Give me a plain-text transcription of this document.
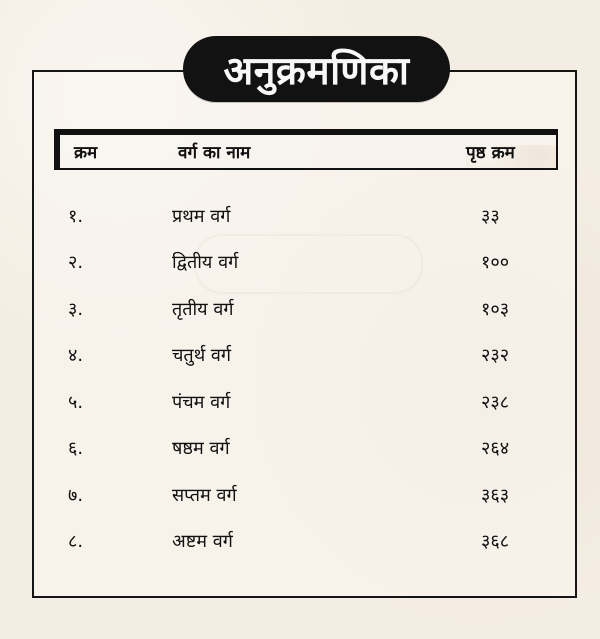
अनुक्रमणिका
क्रम	वर्ग का नाम	पृष्ठ क्रम
१.	प्रथम वर्ग	३३
२.	द्वितीय वर्ग	१००
३.	तृतीय वर्ग	१०३
४.	चतुर्थ वर्ग	२३२
५.	पंचम वर्ग	२३८
६.	षष्ठम वर्ग	२६४
७.	सप्तम वर्ग	३६३
८.	अष्टम वर्ग	३६८
